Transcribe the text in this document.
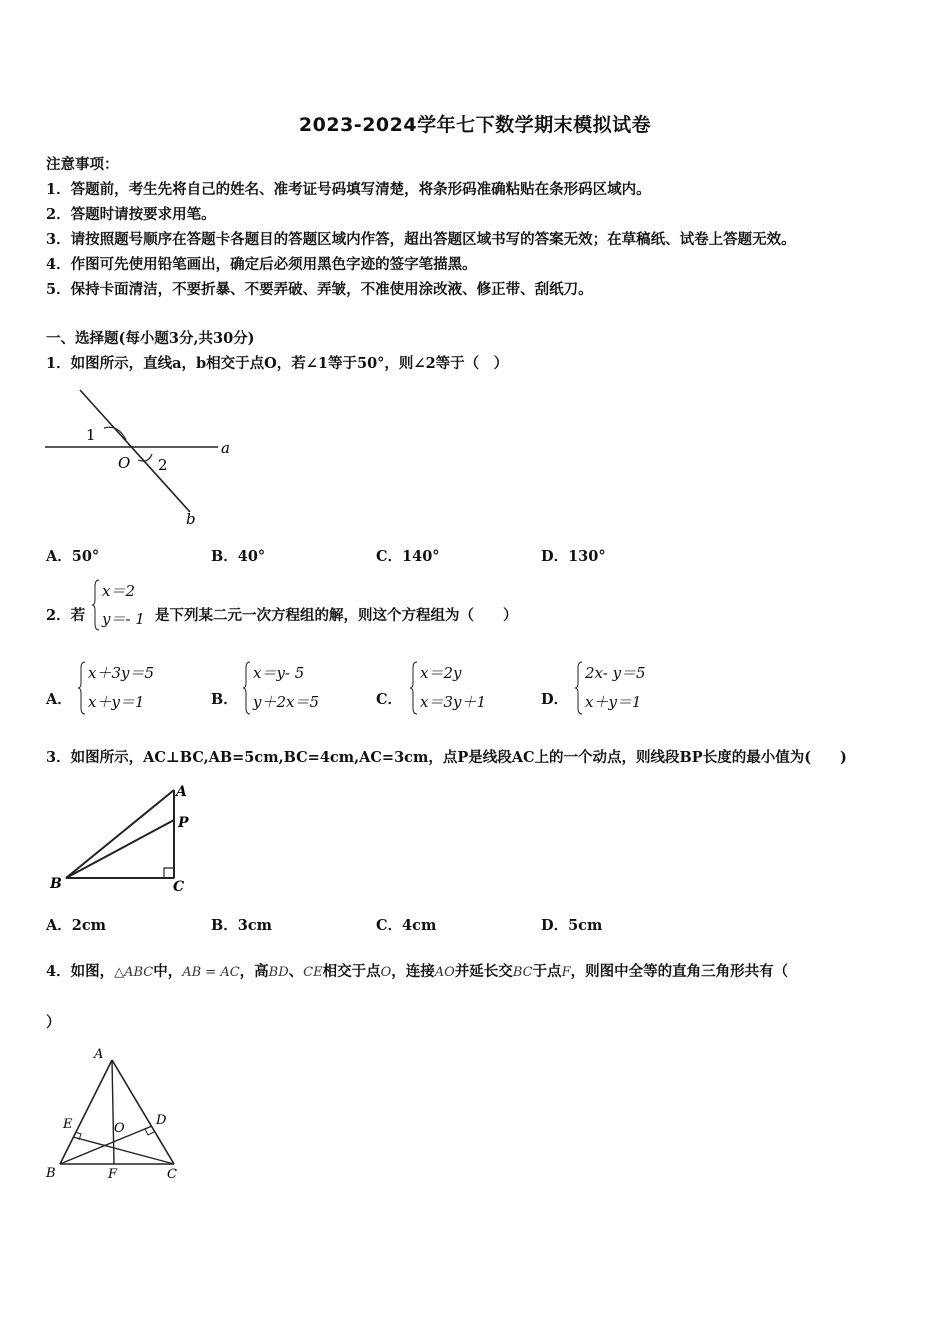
2023-2024学年七下数学期末模拟试卷
注意事项：
1．答题前，考生先将自己的姓名、准考证号码填写清楚，将条形码准确粘贴在条形码区域内。
2．答题时请按要求用笔。
3．请按照题号顺序在答题卡各题目的答题区域内作答，超出答题区域书写的答案无效；在草稿纸、试卷上答题无效。
4．作图可先使用铅笔画出，确定后必须用黑色字迹的签字笔描黑。
5．保持卡面清洁，不要折暴、不要弄破、弄皱，不准使用涂改液、修正带、刮纸刀。
一、选择题(每小题3分,共30分)
1．如图所示，直线a，b相交于点O，若∠1等于50°，则∠2等于（　）
1
2
O
a
b
A．50°	B．40°	C．140°	D．130°
2．若
x＝2
y＝- 1 是下列某二元一次方程组的解，则这个方程组为（　　）
A．
x＋3y＝5
x＋y＝1	B．
x＝y- 5
y＋2x＝5	C．
x＝2y
x＝3y＋1	D．
2x- y＝5
x＋y＝1
3．如图所示，AC⊥BC,AB=5cm,BC=4cm,AC=3cm，点P是线段AC上的一个动点，则线段BP长度的最小值为(　　)
A
P
B	C
A．2cm	B．3cm	C．4cm	D．5cm
4．如图，△ABC中，AB = AC，高BD、CE相交于点O，连接AO并延长交BC于点F，则图中全等的直角三角形共有（
）
A
E	D
O
B	F	C
